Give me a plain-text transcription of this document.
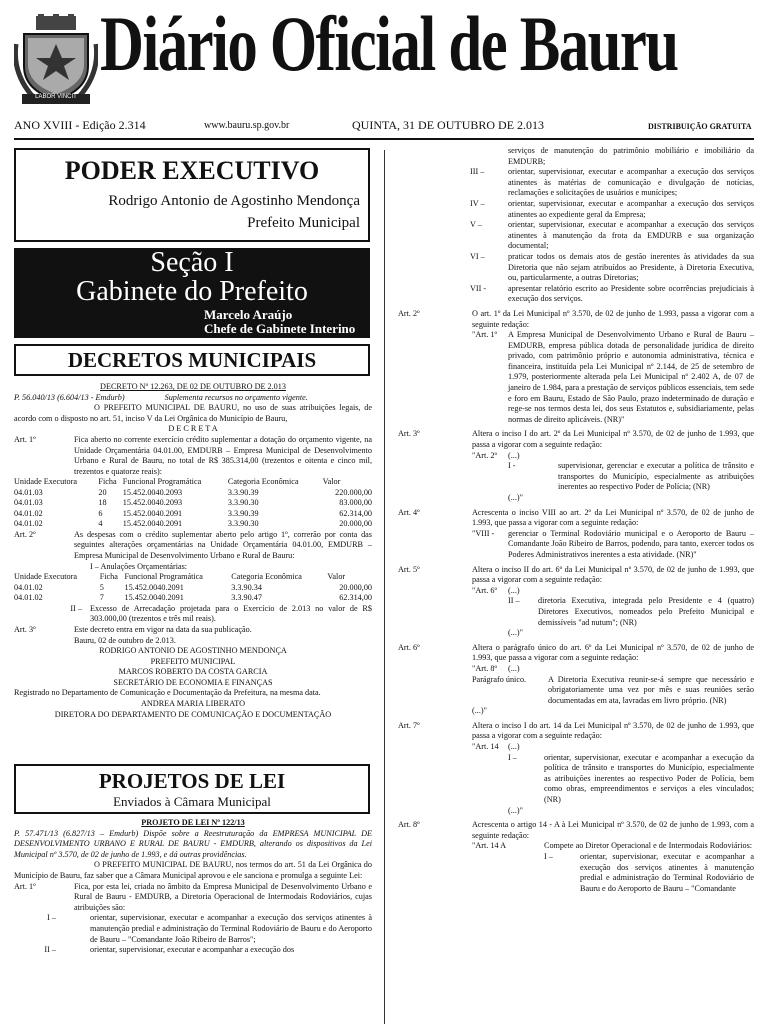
LABOR VINCIT
Diário Oficial de Bauru
ANO XVIII - Edição 2.314	www.bauru.sp.gov.br	QUINTA, 31 DE OUTUBRO DE 2.013	DISTRIBUIÇÃO GRATUITA
PODER EXECUTIVO
Rodrigo Antonio de Agostinho Mendonça
Prefeito Municipal
Seção I
Gabinete do Prefeito
Marcelo Araújo
Chefe de Gabinete Interino
DECRETOS MUNICIPAIS

DECRETO Nº 12.263, DE 02 DE OUTUBRO DE 2.013

P. 56.040/13 (6.604/13 - Emdurb)	Suplementa recursos no orçamento vigente.

O PREFEITO MUNICIPAL DE BAURU, no uso de suas atribuições legais, de acordo com o disposto no art. 51, inciso V da Lei Orgânica do Município de Bauru,

D E C R E T A

Art. 1º	Fica aberto no corrente exercício crédito suplementar a dotação do orçamento vigente, na Unidade Orçamentária 04.01.00, EMDURB – Empresa Municipal de Desenvolvimento Urbano e Rural de Bauru, no total de R$ 385.314,00 (trezentos e oitenta e cinco mil, trezentos e quatorze reais):
Unidade Executora	Ficha	Funcional Programática	Categoria Econômica	Valor
04.01.03	20	15.452.0040.2093	3.3.90.39	220.000,00
04.01.03	18	15.452.0040.2093	3.3.90.30	83.000,00
04.01.02	6	15.452.0040.2091	3.3.90.39	62.314,00
04.01.02	4	15.452.0040.2091	3.3.90.30	20.000,00
Art. 2º	As despesas com o crédito suplementar aberto pelo artigo 1º, correrão por conta das seguintes alterações orçamentárias na Unidade Orçamentária 04.01.00, EMDURB – Empresa Municipal de Desenvolvimento Urbano e Rural de Bauru:

I – Anulações Orçamentárias:

Unidade Executora	Ficha	Funcional Programática	Categoria Econômica	Valor
04.01.02	5	15.452.0040.2091	3.3.90.34	20.000,00
04.01.02	7	15.452.0040.2091	3.3.90.47	62.314,00
II – Excesso de Arrecadação projetada para o Exercício de 2.013 no valor de R$ 303.000,00 (trezentos e três mil reais).
Art. 3º	Este decreto entra em vigor na data da sua publicação.

Bauru, 02 de outubro de 2.013.

RODRIGO ANTONIO DE AGOSTINHO MENDONÇA

PREFEITO MUNICIPAL

MARCOS ROBERTO DA COSTA GARCIA

SECRETÁRIO DE ECONOMIA E FINANÇAS

Registrado no Departamento de Comunicação e Documentação da Prefeitura, na mesma data.

ANDREA MARIA LIBERATO

DIRETORA DO DEPARTAMENTO DE COMUNICAÇÃO E DOCUMENTAÇÃO

PROJETOS DE LEI
Enviados à Câmara Municipal

PROJETO DE LEI Nº 122/13

P. 57.471/13 (6.827/13 – Emdurb) Dispõe sobre a Reestruturação da EMPRESA MUNICIPAL DE DESENVOLVIMENTO URBANO E RURAL DE BAURU - EMDURB, alterando os dispositivos da Lei Municipal nº 3.570, de 02 de junho de 1.993, e dá outras providências.

O PREFEITO MUNICIPAL DE BAURU, nos termos do art. 51 da Lei Orgânica do Município de Bauru, faz saber que a Câmara Municipal aprovou e ele sanciona e promulga a seguinte Lei:

Art. 1º	Fica, por esta lei, criada no âmbito da Empresa Municipal de Desenvolvimento Urbano e Rural de Bauru - EMDURB, a Diretoria Operacional de Intermodais Rodoviários, cujas atribuições são:
I –	orientar, supervisionar, executar e acompanhar a execução dos serviços atinentes à manutenção predial e administração do Terminal Rodoviário de Bauru e do Aeroporto de Bauru – "Comandante João Ribeiro de Barros";
II –	orientar, supervisionar, executar e acompanhar a execução dos

serviços de manutenção do patrimônio mobiliário e imobiliário da EMDURB;

III –	orientar, supervisionar, executar e acompanhar a execução dos serviços atinentes às matérias de comunicação e divulgação de notícias, reclamações e solicitações de usuários e munícipes;
IV –	orientar, supervisionar, executar e acompanhar a execução dos serviços atinentes ao expediente geral da Empresa;
V –	orientar, supervisionar, executar e acompanhar a execução dos serviços atinentes à manutenção da frota da EMDURB e sua organização documental;
VI –	praticar todos os demais atos de gestão inerentes às atividades da sua Diretoria que não sejam atribuídos ao Presidente, à Diretoria Executiva, ou, particularmente, a outras Diretorias;
VII -	apresentar relatório escrito ao Presidente sobre ocorrências prejudiciais à execução dos serviços.
Art. 2º	O art. 1º da Lei Municipal nº 3.570, de 02 de junho de 1.993, passa a vigorar com a seguinte redação:
"Art. 1º	A Empresa Municipal de Desenvolvimento Urbano e Rural de Bauru – EMDURB, empresa pública dotada de personalidade jurídica de direito privado, com patrimônio próprio e autonomia administrativa, técnica e financeira, instituída pela Lei Municipal nº 2.144, de 25 de setembro de 1.979, posteriormente alterada pela Lei Municipal nº 2.402 A, de 07 de janeiro de 1.984, para a prestação de serviços públicos essenciais, tem sede e foro em Bauru, Estado de São Paulo, prazo indeterminado de duração e rege-se nos termos desta lei, dos seus Estatutos e, subsidiariamente, pelas normas de direito aplicáveis. (NR)"
Art. 3º	Altera o inciso I do art. 2º da Lei Municipal nº 3.570, de 02 de junho de 1.993, que passa a vigorar com a seguinte redação:
"Art. 2º	(...)
I -	supervisionar, gerenciar e executar a política de trânsito e transportes do Município, especialmente as atribuições inerentes ao respectivo Poder de Polícia; (NR)

(...)"

Art. 4º	Acrescenta o inciso VIII ao art. 2º da Lei Municipal nº 3.570, de 02 de junho de 1.993, que passa a vigorar com a seguinte redação:
"VIII -	gerenciar o Terminal Rodoviário municipal e o Aeroporto de Bauru – Comandante João Ribeiro de Barros, podendo, para tanto, exercer todos os Poderes Administrativos inerentes a esta atividade. (NR)"
Art. 5º	Altera o inciso II do art. 6º da Lei Municipal nº 3.570, de 02 de junho de 1.993, que passa a vigorar com a seguinte redação:
"Art. 6º	(...)
II –	diretoria Executiva, integrada pelo Presidente e 4 (quatro) Diretores Executivos, nomeados pelo Prefeito Municipal e demissíveis "ad nutum"; (NR)

(...)"

Art. 6º	Altera o parágrafo único do art. 6º da Lei Municipal nº 3.570, de 02 de junho de 1.993, que passa a vigorar com a seguinte redação:
"Art. 8º	(...)
Parágrafo único.	A Diretoria Executiva reunir-se-á sempre que necessário e obrigatoriamente uma vez por mês e suas reuniões serão documentadas em ata, lavradas em livro próprio. (NR)

(...)"

Art. 7º	Altera o inciso I do art. 14 da Lei Municipal nº 3.570, de 02 de junho de 1.993, que passa a vigorar com a seguinte redação:
"Art. 14	(...)
I –	orientar, supervisionar, executar e acompanhar a execução da política de trânsito e transportes do Município, especialmente as atribuições inerentes ao respectivo Poder de Polícia, bem como obras, empreendimentos e serviços a eles vinculados; (NR)

(...)"

Art. 8º	Acrescenta o artigo 14 - A à Lei Municipal nº 3.570, de 02 de junho de 1.993, com a seguinte redação:
"Art. 14 A	Compete ao Diretor Operacional e de Intermodais Rodoviários:
I –	orientar, supervisionar, executar e acompanhar a execução dos serviços atinentes à manutenção predial e administração do Terminal Rodoviário de Bauru e do Aeroporto de Bauru – "Comandante
